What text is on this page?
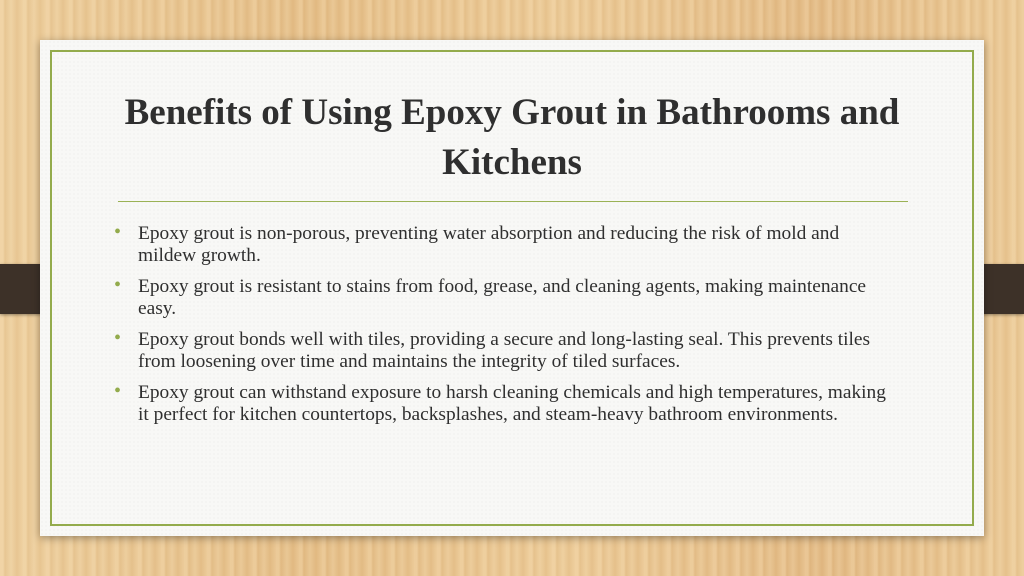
Benefits of Using Epoxy Grout in Bathrooms and Kitchens
• Epoxy grout is non-porous, preventing water absorption and reducing the risk of mold and mildew growth.
• Epoxy grout is resistant to stains from food, grease, and cleaning agents, making maintenance easy.
• Epoxy grout bonds well with tiles, providing a secure and long-lasting seal. This prevents tiles from loosening over time and maintains the integrity of tiled surfaces.
• Epoxy grout can withstand exposure to harsh cleaning chemicals and high temperatures, making it perfect for kitchen countertops, backsplashes, and steam-heavy bathroom environments.
